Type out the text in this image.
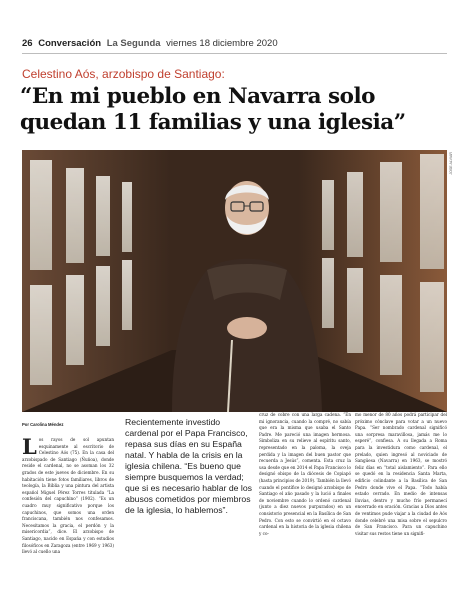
26 Conversación La Segunda viernes 18 diciembre 2020
Celestino Aós, arzobispo de Santiago:
“En mi pueblo en Navarra solo quedan 11 familias y una iglesia”
JOSE ALVIAR
Por Carolina Méndez
L os rayos de sol apuntan esquinamente al escritorio de Celestino Aós (75). En la casa del arzobispado de Santiago (Ñuñoa), donde reside el cardenal, no se asoman los 32 grados de este jueves de diciembre. En su habitación tiene fotos familiares, libros de teología, la Biblia y una pintura del artista español Miguel Pérez Torres titulada “La confesión del capuchino” (1902). “Es un cuadro muy significativo porque los capuchinos, que somos una orden franciscana, también nos confesamos. Necesitamos la gracia, el perdón y la misericordia”, dice. El arzobispo de Santiago, nacido en España y con estudios filosóficos en Zaragoza (entre 1969 y 1963) llevó al cuello una
Recientemente investido cardenal por el Papa Francisco, repasa sus días en su España natal. Y habla de la crisis en la iglesia chilena. “Es bueno que siempre busquemos la verdad; que si es necesario hablar de los abusos cometidos por miembros de la iglesia, lo hablemos”.
cruz de cobre con una larga cadena. “En mi ignorancia, cuando la compré, no sabía que era la misma que usaba el Santo Padre. Me pareció una imagen hermosa. Simboliza en su relieve al espíritu santo, representado en la paloma, la oveja perdida y la imagen del buen pastor que recuerda a Jesús”, comenta. Esta cruz la usa desde que en 2014 el Papa Francisco lo designó obispo de la diócesis de Copiapó (hasta principios de 2019). También la llevó cuando el pontífice lo designó arzobispo de Santiago el año pasado y la lució a finales de noviembre cuando lo ordenó cardenal (junto a diez nuevos purpurados) en un consistorio presencial en la Basílica de San Pedro. Con esto se convirtió en el octavo cardenal en la historia de la iglesia chilena y co-
mo menor de 80 años podrá participar del próximo cónclave para votar a un nuevo Papa. “Ser nombrado cardenal significó una sorpresa maravillosa, jamás me lo esperé”, confiesa. A su llegada a Roma para la investidura como cardenal, el prelado, quien ingresó al noviciado de Sangüesa (Navarra) en 1963, se mostró feliz días en “total aislamiento”. Para ello se quedó en la residencia Santa Marta, edificio colindante a la Basílica de San Pedro donde vive el Papa. “Todo había estado cerrado. En medio de intensas lluvias, dentro y mucho frío permanecí encerrado en oración. Gracias a Dios antes de ventimos pude viajar a la ciudad de Aós donde celebré una misa sobre el sepulcro de San Francisco. Para un capuchino visitar sus restos tiene un signifi-
